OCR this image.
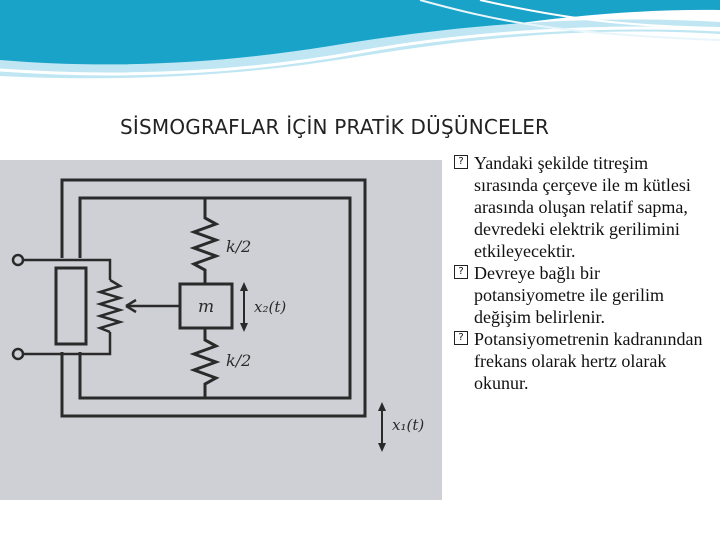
SİSMOGRAFLAR İÇİN PRATİK DÜŞÜNCELER
m
k/2
k/2
x₂(t)
x₁(t)

? Yandaki şekilde titreşim sırasında çerçeve ile m kütlesi arasında oluşan relatif sapma, devredeki elektrik gerilimini etkileyecektir.

? Devreye bağlı bir potansiyometre ile gerilim değişim belirlenir.

? Potansiyometrenin kadranından frekans olarak hertz olarak okunur.
